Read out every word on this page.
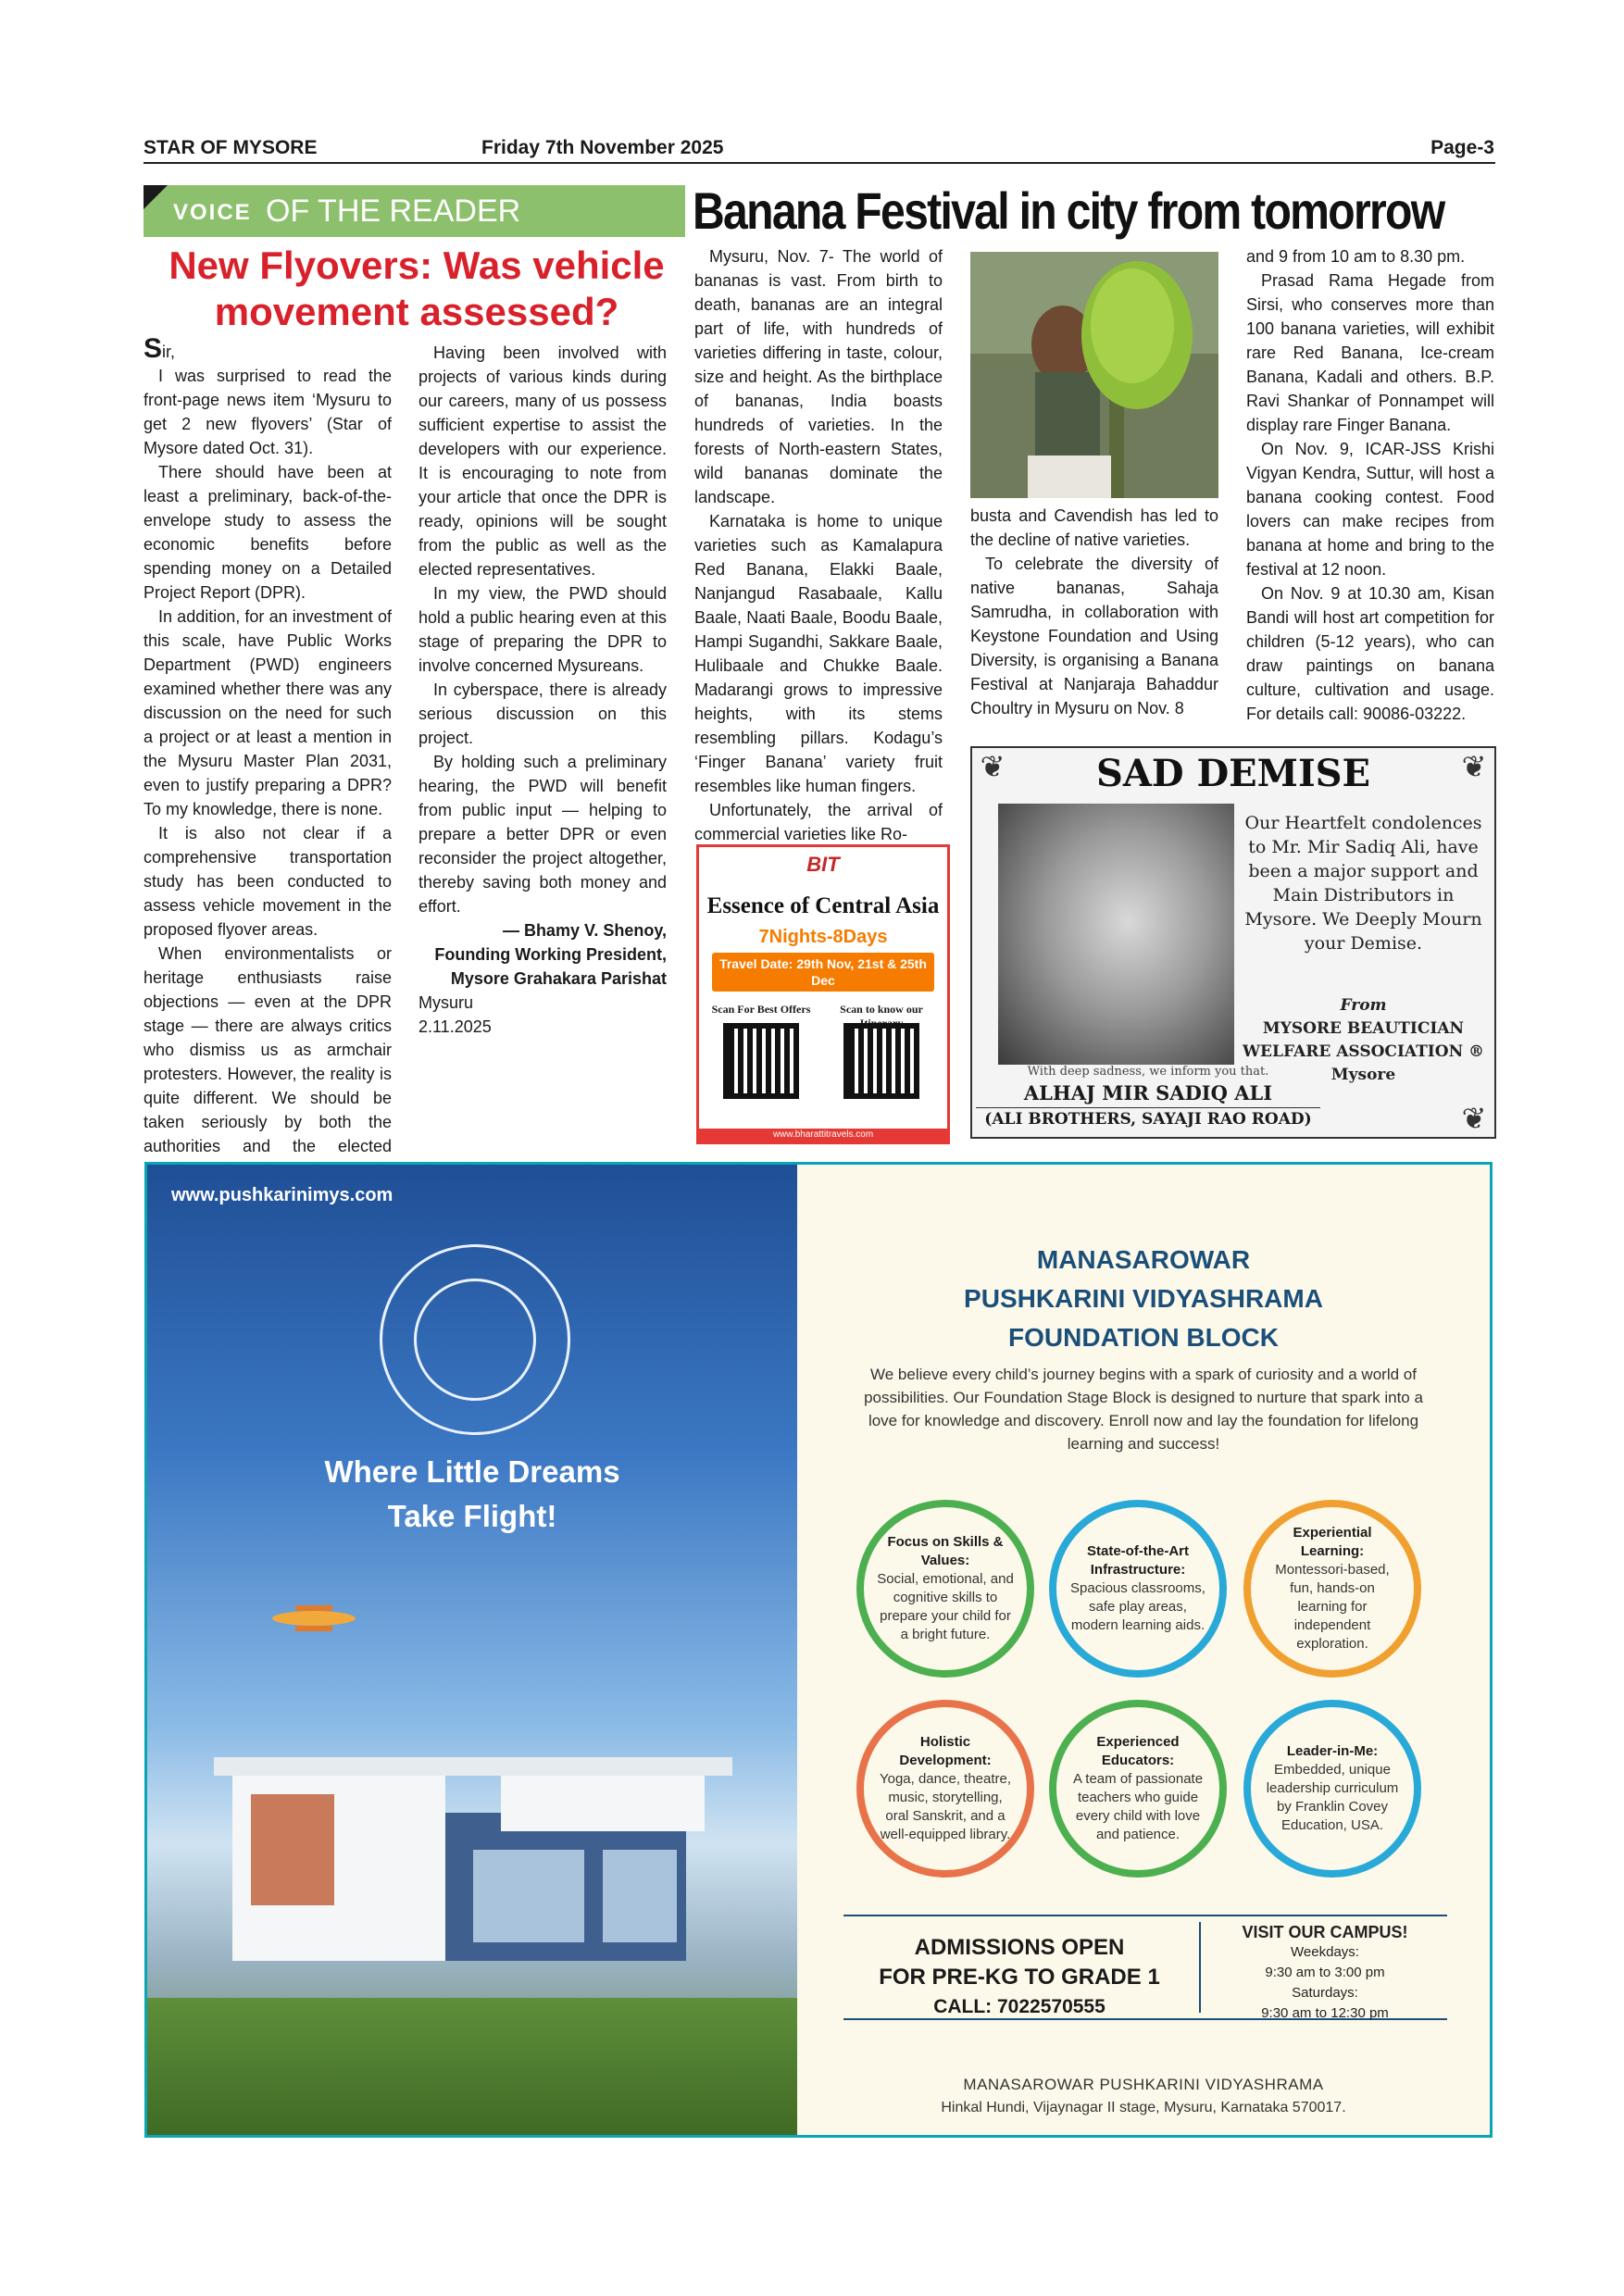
STAR OF MYSORE	Friday 7th November 2025	Page-3
VOICE OF THE READER
New Flyovers: Was vehicle movement assessed?

Sir,

I was surprised to read the front-page news item ‘Mysuru to get 2 new flyovers’ (Star of Mysore dated Oct. 31).

There should have been at least a preliminary, back-of-the-envelope study to assess the economic benefits before spending money on a Detailed Project Report (DPR).

In addition, for an investment of this scale, have Public Works Department (PWD) engineers examined whether there was any discussion on the need for such a project or at least a mention in the Mysuru Master Plan 2031, even to justify preparing a DPR? To my knowledge, there is none.

It is also not clear if a comprehensive transportation study has been conducted to assess vehicle movement in the proposed flyover areas.

When environmentalists or heritage enthusiasts raise objections — even at the DPR stage — there are always critics who dismiss us as armchair protesters. However, the reality is quite different. We should be taken seriously by both the authorities and the elected

Having been involved with projects of various kinds during our careers, many of us possess sufficient expertise to assist the developers with our experience. It is encouraging to note from your article that once the DPR is ready, opinions will be sought from the public as well as the elected representatives.

In my view, the PWD should hold a public hearing even at this stage of preparing the DPR to involve concerned Mysureans.

In cyberspace, there is already serious discussion on this project.

By holding such a preliminary hearing, the PWD will benefit from public input — helping to prepare a better DPR or even reconsider the project altogether, thereby saving both money and effort.

— Bhamy V. Shenoy,

Founding Working President,

Mysore Grahakara Parishat

Mysuru

2.11.2025

Banana Festival in city from tomorrow

Mysuru, Nov. 7- The world of bananas is vast. From birth to death, bananas are an integral part of life, with hundreds of varieties differing in taste, colour, size and height. As the birthplace of bananas, India boasts hundreds of varieties. In the forests of North-eastern States, wild bananas dominate the landscape.

Karnataka is home to unique varieties such as Kamalapura Red Banana, Elakki Baale, Nanjangud Rasabaale, Kallu Baale, Naati Baale, Boodu Baale, Hampi Sugandhi, Sakkare Baale, Hulibaale and Chukke Baale. Madarangi grows to impressive heights, with its stems resembling pillars. Kodagu’s ‘Finger Banana’ variety fruit resembles like human fingers.

Unfortunately, the arrival of commercial varieties like Ro-

busta and Cavendish has led to the decline of native varieties.

To celebrate the diversity of native bananas, Sahaja Samrudha, in collaboration with Keystone Foundation and Using Diversity, is organising a Banana Festival at Nanjaraja Bahaddur Choultry in Mysuru on Nov. 8

and 9 from 10 am to 8.30 pm.

Prasad Rama Hegade from Sirsi, who conserves more than 100 banana varieties, will exhibit rare Red Banana, Ice-cream Banana, Kadali and others. B.P. Ravi Shankar of Ponnampet will display rare Finger Banana.

On Nov. 9, ICAR-JSS Krishi Vigyan Kendra, Suttur, will host a banana cooking contest. Food lovers can make recipes from banana at home and bring to the festival at 12 noon.

On Nov. 9 at 10.30 am, Kisan Bandi will host art competition for children (5-12 years), who can draw paintings on banana culture, cultivation and usage. For details call: 90086-03222.

BIT
Essence of Central Asia
7Nights-8Days
Travel Date: 29th Nov, 21st & 25th Dec
Scan For Best Offers	Scan to know our
www.bharattitravels.com
❦	❦
❦
SAD DEMISE
Our Heartfelt condolences to Mr. Mir Sadiq Ali, have been a major support and Main Distributors in Mysore. We Deeply Mourn your Demise.
From
MYSORE BEAUTICIAN WELFARE ASSOCIATION ®
Mysore
With deep sadness, we inform you that.
ALHAJ MIR SADIQ ALI
(ALI BROTHERS, SAYAJI RAO ROAD)
www.pushkarinimys.com
Where Little Dreams
Take Flight!
MANASAROWAR
PUSHKARINI VIDYASHRAMA
FOUNDATION BLOCK
We believe every child’s journey begins with a spark of curiosity and a world of possibilities. Our Foundation Stage Block is designed to nurture that spark into a love for knowledge and discovery. Enroll now and lay the foundation for lifelong learning and success!
Focus on Skills & Values:
Social, emotional, and cognitive skills to prepare your child for a bright future.
State-of-the-Art Infrastructure:
Spacious classrooms, safe play areas, modern learning aids.
Experiential Learning:
Montessori-based, fun, hands-on learning for independent exploration.
Holistic Development:
Yoga, dance, theatre, music, storytelling, oral Sanskrit, and a well-equipped library.
Experienced Educators:
A team of passionate teachers who guide every child with love and patience.
Leader-in-Me:
Embedded, unique leadership curriculum by Franklin Covey Education, USA.
ADMISSIONS OPEN
FOR PRE-KG TO GRADE 1
CALL: 7022570555
VISIT OUR CAMPUS!
Weekdays:
9:30 am to 3:00 pm
Saturdays:
9:30 am to 12:30 pm
MANASAROWAR PUSHKARINI VIDYASHRAMA
Hinkal Hundi, Vijaynagar II stage, Mysuru, Karnataka 570017.
